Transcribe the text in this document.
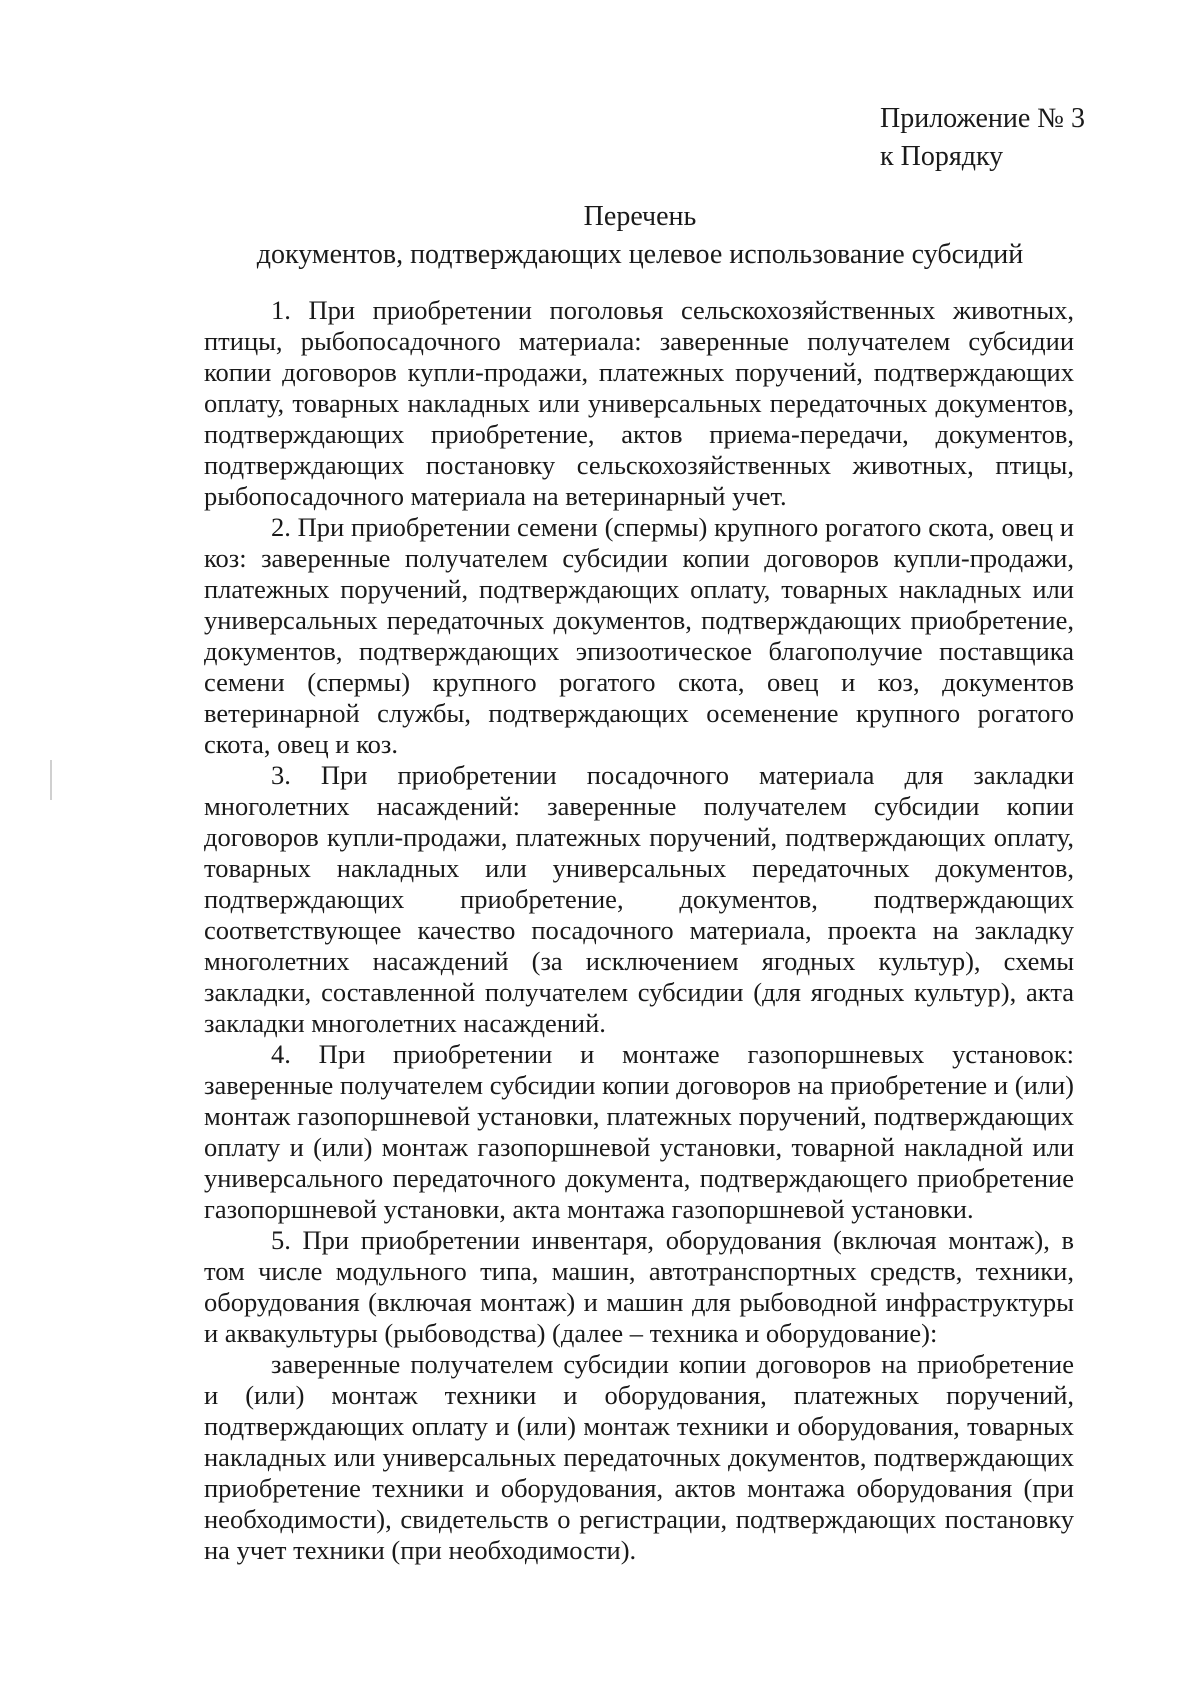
Приложение № 3
к Порядку
Перечень
документов, подтверждающих целевое использование субсидий

1. При приобретении поголовья сельскохозяйственных животных, птицы, рыбопосадочного материала: заверенные получателем субсидии копии договоров купли-продажи, платежных поручений, подтверждающих оплату, товарных накладных или универсальных передаточных документов, подтверждающих приобретение, актов приема-передачи, документов, подтверждающих постановку сельскохозяйственных животных, птицы, рыбопосадочного материала на ветеринарный учет.

2. При приобретении семени (спермы) крупного рогатого скота, овец и коз: заверенные получателем субсидии копии договоров купли-продажи, платежных поручений, подтверждающих оплату, товарных накладных или универсальных передаточных документов, подтверждающих приобретение, документов, подтверждающих эпизоотическое благополучие поставщика семени (спермы) крупного рогатого скота, овец и коз, документов ветеринарной службы, подтверждающих осеменение крупного рогатого скота, овец и коз.

3. При приобретении посадочного материала для закладки многолетних насаждений: заверенные получателем субсидии копии договоров купли-продажи, платежных поручений, подтверждающих оплату, товарных накладных или универсальных передаточных документов, подтверждающих приобретение, документов, подтверждающих соответствующее качество посадочного материала, проекта на закладку многолетних насаждений (за исключением ягодных культур), схемы закладки, составленной получателем субсидии (для ягодных культур), акта закладки многолетних насаждений.

4. При приобретении и монтаже газопоршневых установок: заверенные получателем субсидии копии договоров на приобретение и (или) монтаж газопоршневой установки, платежных поручений, подтверждающих оплату и (или) монтаж газопоршневой установки, товарной накладной или универсального передаточного документа, подтверждающего приобретение газопоршневой установки, акта монтажа газопоршневой установки.

5. При приобретении инвентаря, оборудования (включая монтаж), в том числе модульного типа, машин, автотранспортных средств, техники, оборудования (включая монтаж) и машин для рыбоводной инфраструктуры и аквакультуры (рыбоводства) (далее – техника и оборудование):

заверенные получателем субсидии копии договоров на приобретение и (или) монтаж техники и оборудования, платежных поручений, подтверждающих оплату и (или) монтаж техники и оборудования, товарных накладных или универсальных передаточных документов, подтверждающих приобретение техники и оборудования, актов монтажа оборудования (при необходимости), свидетельств о регистрации, подтверждающих постановку на учет техники (при необходимости).
